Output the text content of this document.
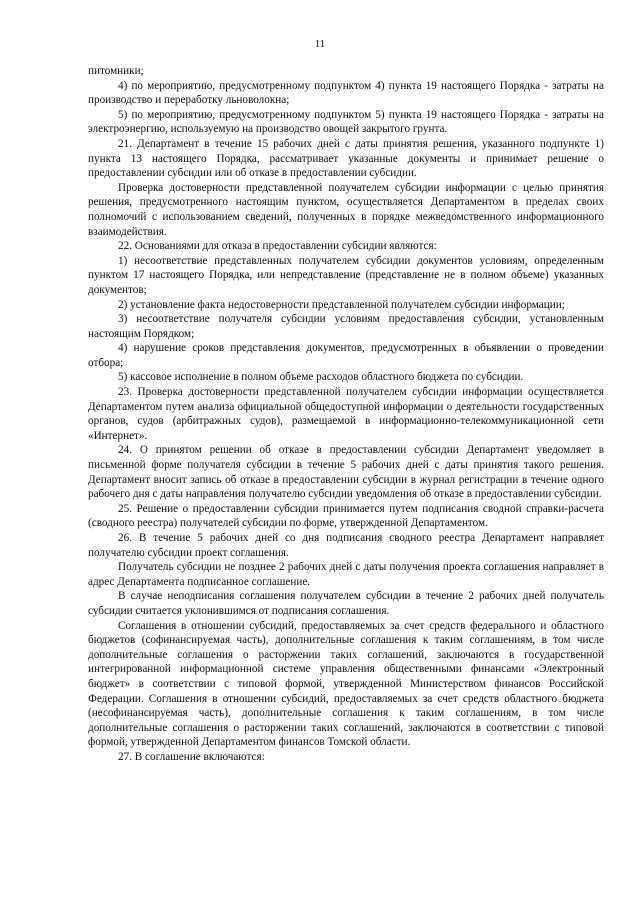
11

питомники;

4) по мероприятию, предусмотренному подпунктом 4) пункта 19 настоящего Порядка - затраты на производство и переработку льноволокна;

5) по мероприятию, предусмотренному подпунктом 5) пункта 19 настоящего Порядка - затраты на электроэнергию, используемую на производство овощей закрытого грунта.

21. Департамент в течение 15 рабочих дней с даты принятия решения, указанного подпункте 1) пункта 13 настоящего Порядка, рассматривает указанные документы и принимает решение о предоставлении субсидии или об отказе в предоставлении субсидии.

Проверка достоверности представленной получателем субсидии информации с целью принятия решения, предусмотренного настоящим пунктом, осуществляется Департаментом в пределах своих полномочий с использованием сведений, полученных в порядке межведомственного информационного взаимодействия.

22. Основаниями для отказа в предоставлении субсидии являются:

1) несоответствие представленных получателем субсидии документов условиям, определенным пунктом 17 настоящего Порядка, или непредставление (представление не в полном объеме) указанных документов;

2) установление факта недостоверности представленной получателем субсидии информации;

3) несоответствие получателя субсидии условиям предоставления субсидии, установленным настоящим Порядком;

4) нарушение сроков представления документов, предусмотренных в объявлении о проведении отбора;

5) кассовое исполнение в полном объеме расходов областного бюджета по субсидии.

23. Проверка достоверности представленной получателем субсидии информации осуществляется Департаментом путем анализа официальной общедоступной информации о деятельности государственных органов, судов (арбитражных судов), размещаемой в информационно-телекоммуникационной сети «Интернет».

24. О принятом решении об отказе в предоставлении субсидии Департамент уведомляет в письменной форме получателя субсидии в течение 5 рабочих дней с даты принятия такого решения. Департамент вносит запись об отказе в предоставлении субсидии в журнал регистрации в течение одного рабочего дня с даты направления получателю субсидии уведомления об отказе в предоставлении субсидии.

25. Решение о предоставлении субсидии принимается путем подписания сводной справки-расчета (сводного реестра) получателей субсидии по форме, утвержденной Департаментом.

26. В течение 5 рабочих дней со дня подписания сводного реестра Департамент направляет получателю субсидии проект соглашения.

Получатель субсидии не позднее 2 рабочих дней с даты получения проекта соглашения направляет в адрес Департамента подписанное соглашение.

В случае неподписания соглашения получателем субсидии в течение 2 рабочих дней получатель субсидии считается уклонившимся от подписания соглашения.

Соглашения в отношении субсидий, предоставляемых за счет средств федерального и областного бюджетов (софинансируемая часть), дополнительные соглашения к таким соглашениям, в том числе дополнительные соглашения о расторжении таких соглашений, заключаются в государственной интегрированной информационной системе управления общественными финансами «Электронный бюджет» в соответствии с типовой формой, утвержденной Министерством финансов Российской Федерации. Соглашения в отношении субсидий, предоставляемых за счет средств областного бюджета (несофинансируемая часть), дополнительные соглашения к таким соглашениям, в том числе дополнительные соглашения о расторжении таких соглашений, заключаются в соответствии с типовой формой, утвержденной Департаментом финансов Томской области.

27. В соглашение включаются:
